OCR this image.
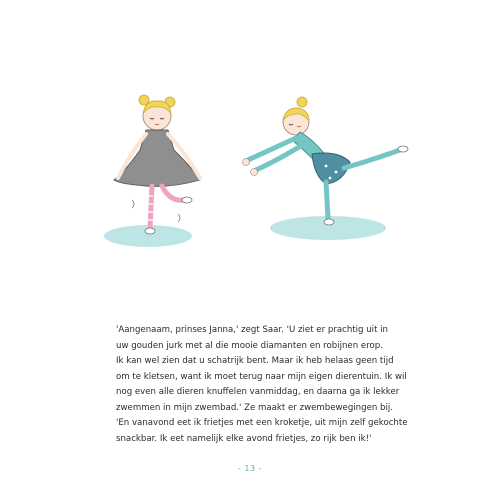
'Aangenaam, prinses Janna,' zegt Saar. 'U ziet er prachtig uit in
uw gouden jurk met al die mooie diamanten en robijnen erop.
Ik kan wel zien dat u schatrijk bent. Maar ik heb helaas geen tijd
om te kletsen, want ik moet terug naar mijn eigen dierentuin. Ik wil
nog even alle dieren knuffelen vanmiddag, en daarna ga ik lekker
zwemmen in mijn zwembad.' Ze maakt er zwembewegingen bij.
'En vanavond eet ik frietjes met een kroketje, uit mijn zelf gekochte
snackbar. Ik eet namelijk elke avond frietjes, zo rijk ben ik!'
- 13 -
